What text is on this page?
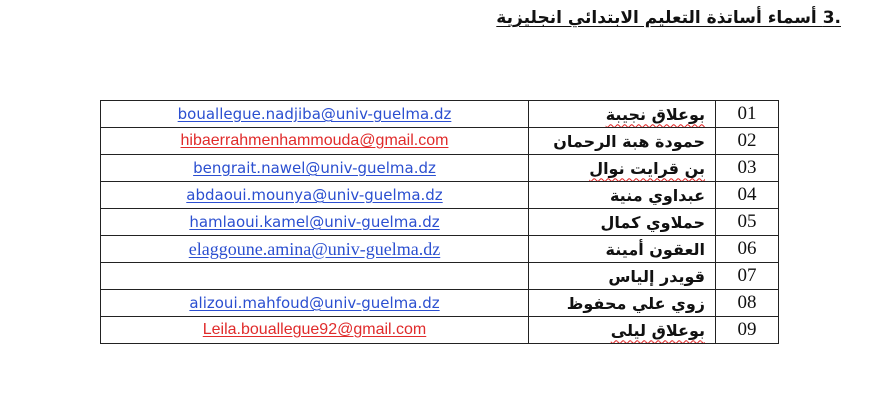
.3 أسماء أساتذة التعليم الابتدائي انجليزية
bouallegue.nadjiba@univ-guelma.dz	بوعلاق نجيبة	01
hibaerrahmenhammouda@gmail.com	حمودة هبة الرحمان	02
bengrait.nawel@univ-guelma.dz	بن قرايت نوال	03
abdaoui.mounya@univ-guelma.dz	عبداوي منية	04
hamlaoui.kamel@univ-guelma.dz	حملاوي كمال	05
elaggoune.amina@univ-guelma.dz	العقون أمينة	06
	قويدر إلياس	07
alizoui.mahfoud@univ-guelma.dz	زوي علي محفوظ	08
Leila.bouallegue92@gmail.com	بوعلاق ليلى	09
